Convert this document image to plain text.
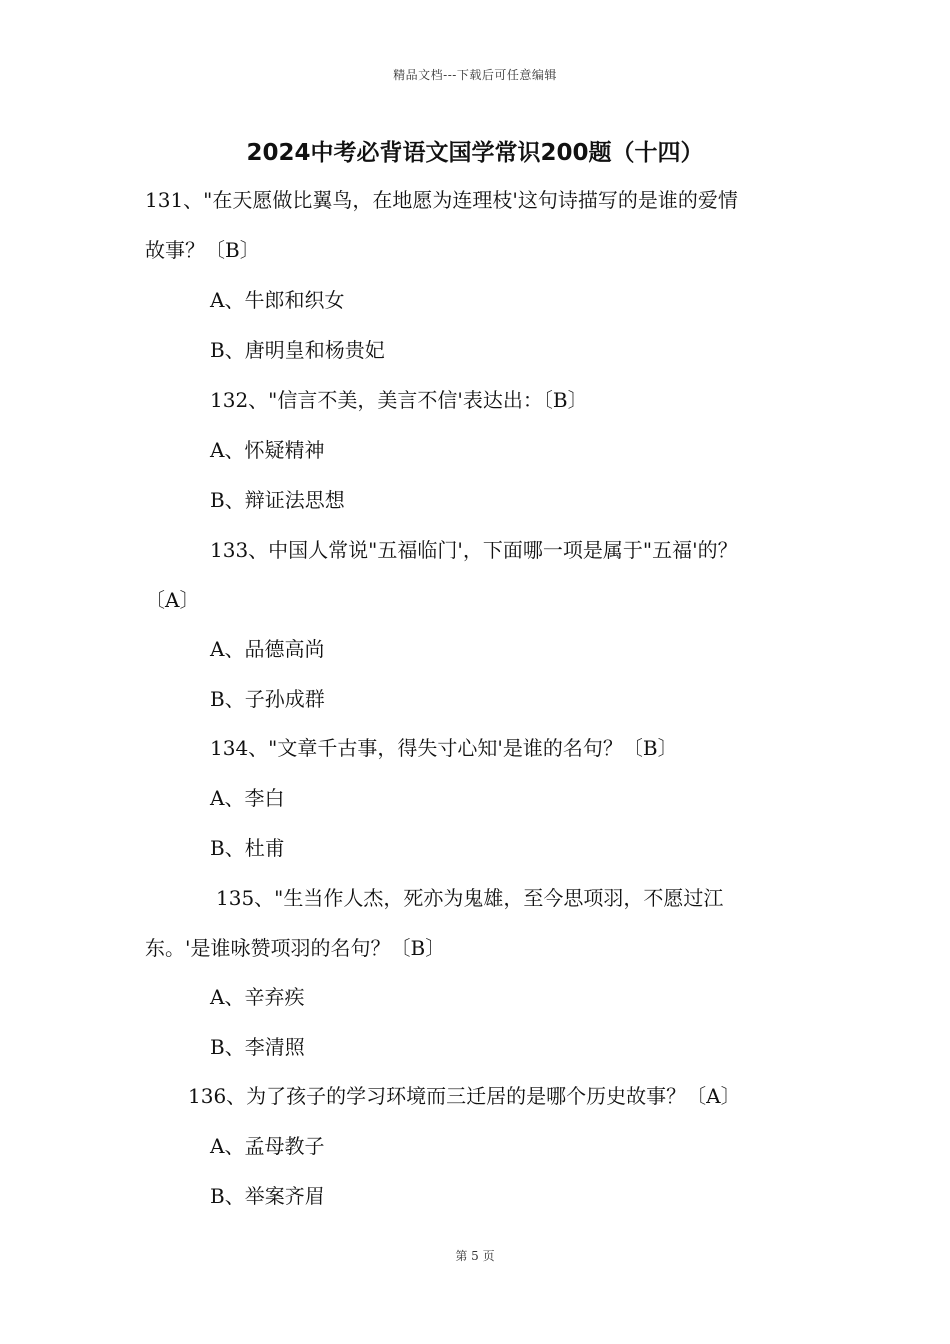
精品文档---下载后可任意编辑
2024中考必背语文国学常识200题（十四）
131、"在天愿做比翼鸟，在地愿为连理枝'这句诗描写的是谁的爱情
故事？〔B〕
A、牛郎和织女
B、唐明皇和杨贵妃
132、"信言不美，美言不信'表达出：〔B〕
A、怀疑精神
B、辩证法思想
133、中国人常说"五福临门'，下面哪一项是属于"五福'的？
〔A〕
A、品德高尚
B、子孙成群
134、"文章千古事，得失寸心知'是谁的名句？〔B〕
A、李白
B、杜甫
135、"生当作人杰，死亦为鬼雄，至今思项羽，不愿过江
东。'是谁咏赞项羽的名句？〔B〕
A、辛弃疾
B、李清照
136、为了孩子的学习环境而三迁居的是哪个历史故事？〔A〕
A、孟母教子
B、举案齐眉
第 5 页
